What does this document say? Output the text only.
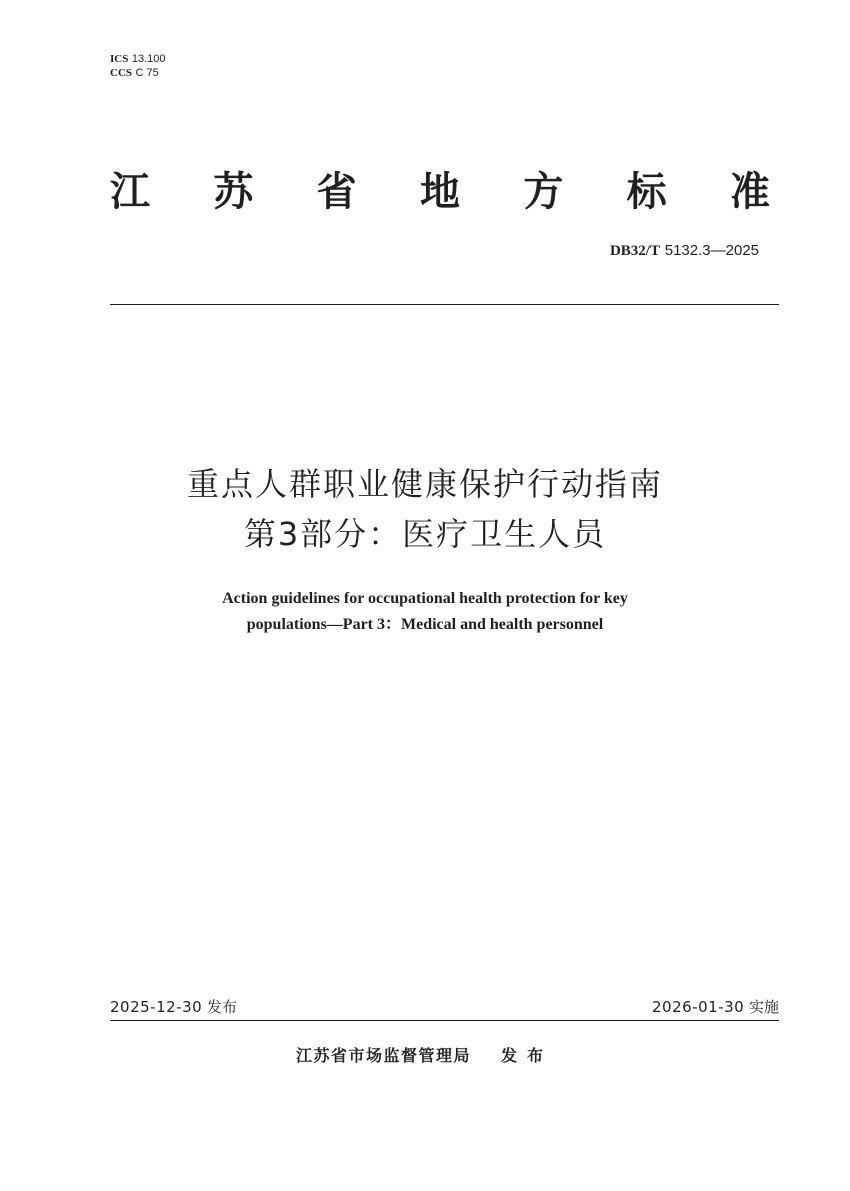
ICS 13.100
CCS C 75
江 苏 省 地 方 标 准
DB32/T 5132.3—2025
重点人群职业健康保护行动指南
第3部分：医疗卫生人员
Action guidelines for occupational health protection for key
populations—Part 3：Medical and health personnel
2025-12-30 发布	2026-01-30 实施
江苏省市场监督管理局 发布
